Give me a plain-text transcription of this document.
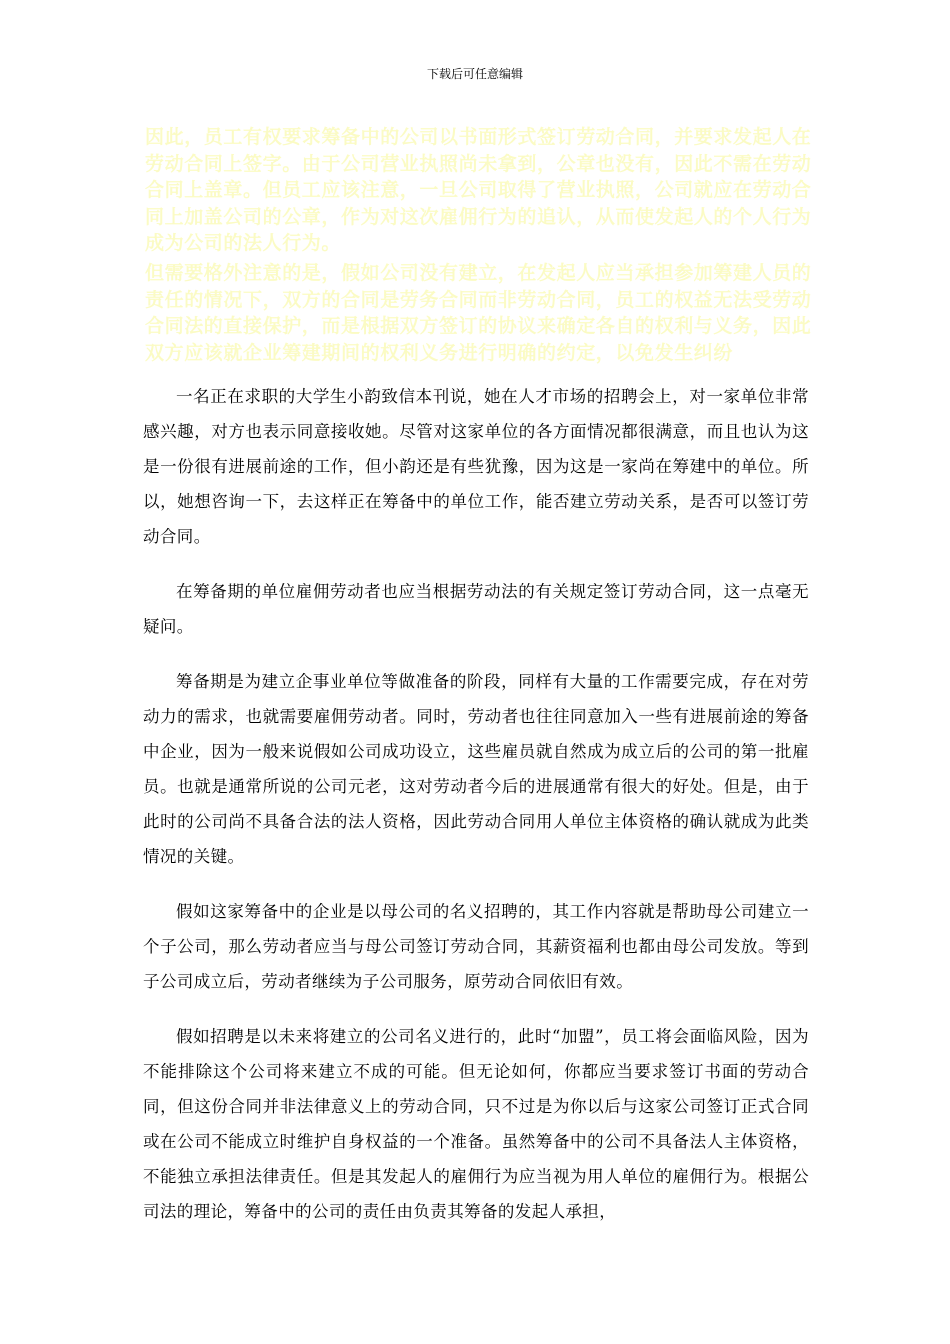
下载后可任意编辑

因此，员工有权要求筹备中的公司以书面形式签订劳动合同，并要求发起人在劳动合同上签字。由于公司营业执照尚未拿到，公章也没有，因此不需在劳动合同上盖章。但员工应该注意，一旦公司取得了营业执照，公司就应在劳动合同上加盖公司的公章，作为对这次雇佣行为的追认，从而使发起人的个人行为成为公司的法人行为。

但需要格外注意的是，假如公司没有建立，在发起人应当承担参加筹建人员的责任的情况下，双方的合同是劳务合同而非劳动合同，员工的权益无法受劳动合同法的直接保护，而是根据双方签订的协议来确定各自的权利与义务，因此双方应该就企业筹建期间的权利义务进行明确的约定，以免发生纠纷

一名正在求职的大学生小韵致信本刊说，她在人才市场的招聘会上，对一家单位非常感兴趣，对方也表示同意接收她。尽管对这家单位的各方面情况都很满意，而且也认为这是一份很有进展前途的工作，但小韵还是有些犹豫，因为这是一家尚在筹建中的单位。所以，她想咨询一下，去这样正在筹备中的单位工作，能否建立劳动关系，是否可以签订劳动合同。

在筹备期的单位雇佣劳动者也应当根据劳动法的有关规定签订劳动合同，这一点毫无疑问。

筹备期是为建立企事业单位等做准备的阶段，同样有大量的工作需要完成，存在对劳动力的需求，也就需要雇佣劳动者。同时，劳动者也往往同意加入一些有进展前途的筹备中企业，因为一般来说假如公司成功设立，这些雇员就自然成为成立后的公司的第一批雇员。也就是通常所说的公司元老，这对劳动者今后的进展通常有很大的好处。但是，由于此时的公司尚不具备合法的法人资格，因此劳动合同用人单位主体资格的确认就成为此类情况的关键。

假如这家筹备中的企业是以母公司的名义招聘的，其工作内容就是帮助母公司建立一个子公司，那么劳动者应当与母公司签订劳动合同，其薪资福利也都由母公司发放。等到子公司成立后，劳动者继续为子公司服务，原劳动合同依旧有效。

假如招聘是以未来将建立的公司名义进行的，此时“加盟”，员工将会面临风险，因为不能排除这个公司将来建立不成的可能。但无论如何，你都应当要求签订书面的劳动合同，但这份合同并非法律意义上的劳动合同，只不过是为你以后与这家公司签订正式合同或在公司不能成立时维护自身权益的一个准备。虽然筹备中的公司不具备法人主体资格，不能独立承担法律责任。但是其发起人的雇佣行为应当视为用人单位的雇佣行为。根据公司法的理论，筹备中的公司的责任由负责其筹备的发起人承担，
